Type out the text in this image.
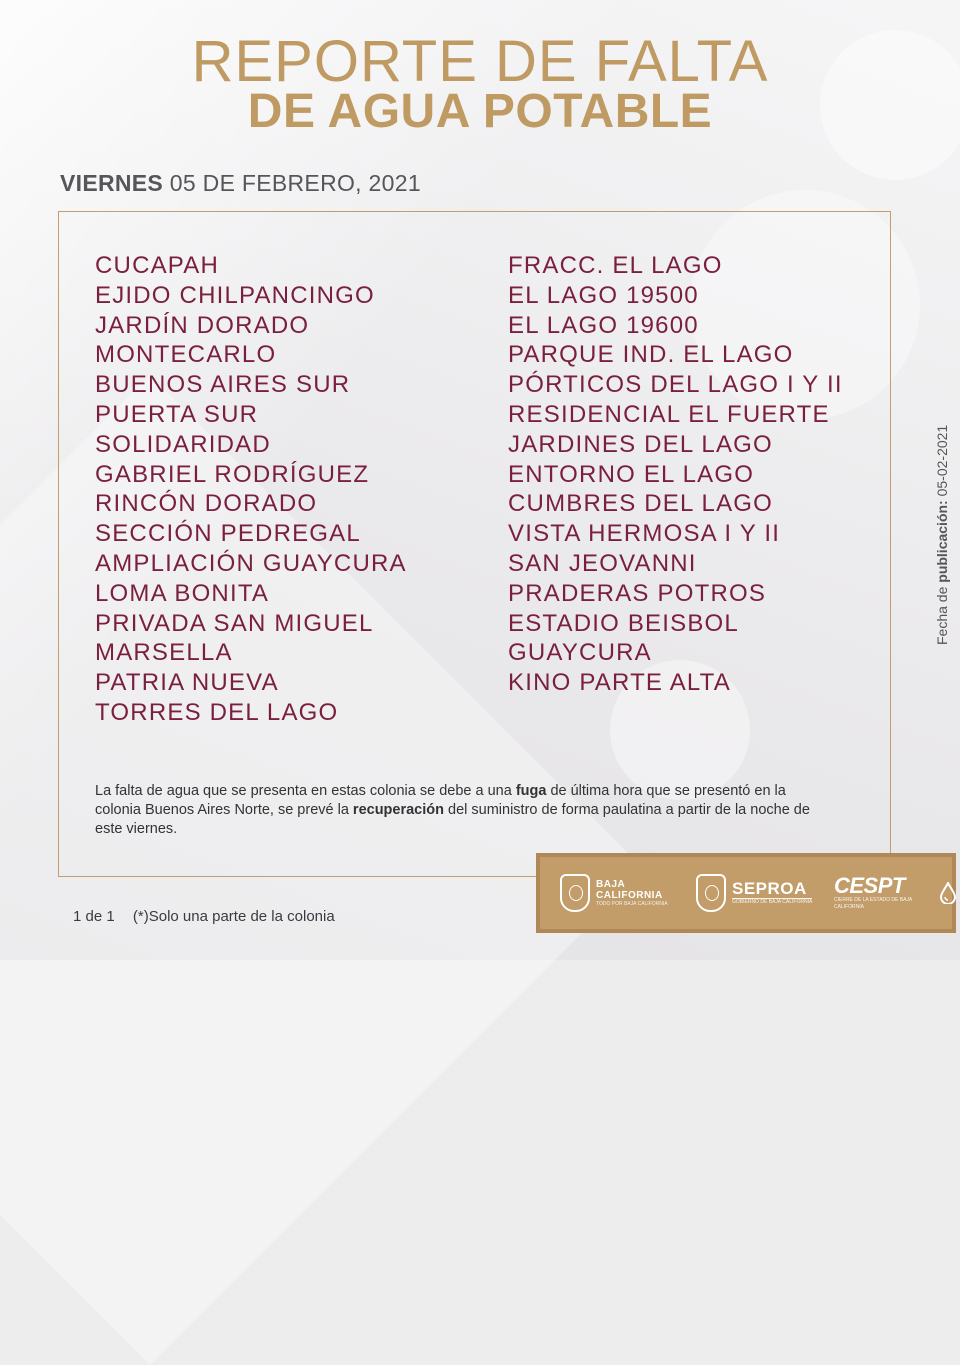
REPORTE DE FALTA
DE AGUA POTABLE
VIERNES 05 DE FEBRERO, 2021
CUCAPAH
EJIDO CHILPANCINGO
JARDÍN DORADO
MONTECARLO
BUENOS AIRES SUR
PUERTA SUR
SOLIDARIDAD
GABRIEL RODRÍGUEZ
RINCÓN DORADO
SECCIÓN PEDREGAL
AMPLIACIÓN GUAYCURA
LOMA BONITA
PRIVADA SAN MIGUEL
MARSELLA
PATRIA NUEVA
TORRES DEL LAGO
FRACC. EL LAGO
EL LAGO 19500
EL LAGO 19600
PARQUE IND. EL LAGO
PÓRTICOS DEL LAGO I Y II
RESIDENCIAL EL FUERTE
JARDINES DEL LAGO
ENTORNO EL LAGO
CUMBRES DEL LAGO
VISTA HERMOSA I Y II
SAN JEOVANNI
PRADERAS POTROS
ESTADIO BEISBOL
GUAYCURA
KINO PARTE ALTA

La falta de agua que se presenta en estas colonia se debe a una fuga de última hora que se presentó en la colonia Buenos Aires Norte, se prevé la recuperación del suministro de forma paulatina a partir de la noche de este viernes.

Fecha de publicación: 05-02-2021
1 de 1 (*)Solo una parte de la colonia
BAJA
CALIFORNIA
TODO POR BAJA CALIFORNIA
SEPROA
GOBIERNO DE BAJA CALIFORNIA
CESPT
CIERRE DE LA ESTADO DE BAJA CALIFORNIA
